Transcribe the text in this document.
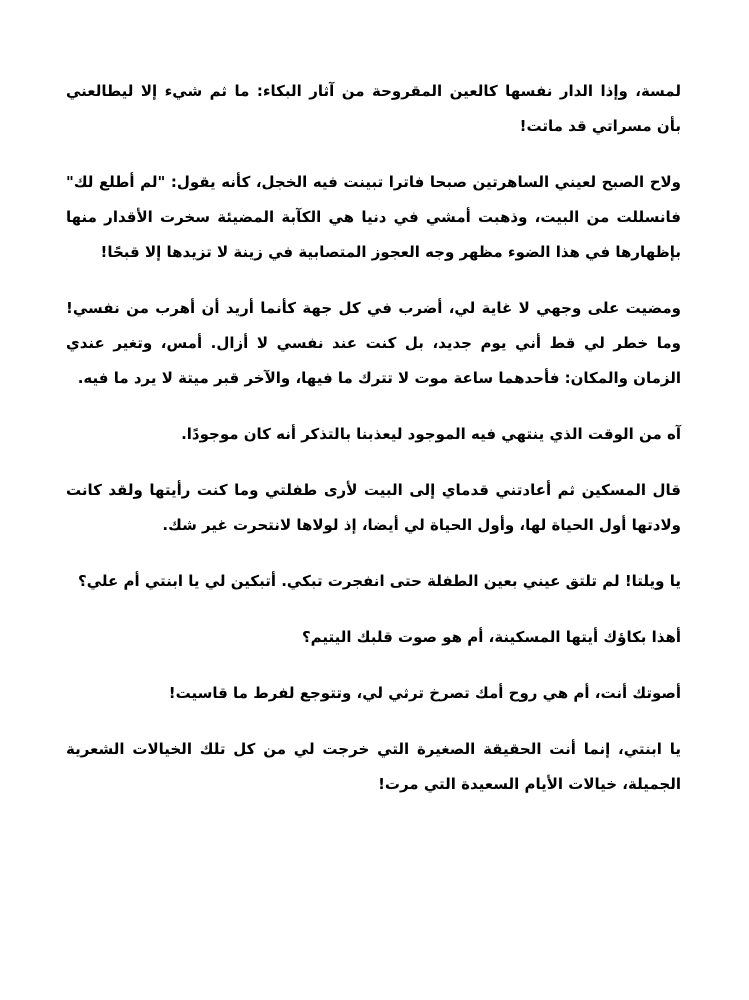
لمسة، وإذا الدار نفسها كالعين المقروحة من آثار البكاء: ما ثم شيء إلا ليطالعني بأن مسراتي قد ماتت!

ولاح الصبح لعيني الساهرتين صبحا فاترا تبينت فيه الخجل، كأنه يقول: "لم أطلع لك" فانسللت من البيت، وذهبت أمشي في دنيا هي الكآبة المضيئة سخرت الأقدار منها بإظهارها في هذا الضوء مظهر وجه العجوز المتصابية في زينة لا تزيدها إلا قبحًا!

ومضيت على وجهي لا غاية لي، أضرب في كل جهة كأنما أريد أن أهرب من نفسي! وما خطر لي قط أني يوم جديد، بل كنت عند نفسي لا أزال. أمس، وتغير عندي الزمان والمكان: فأحدهما ساعة موت لا تترك ما فيها، والآخر قبر ميتة لا يرد ما فيه.

آه من الوقت الذي ينتهي فيه الموجود ليعذبنا بالتذكر أنه كان موجودًا.

قال المسكين ثم أعادتني قدماي إلى البيت لأرى طفلتي وما كنت رأيتها ولقد كانت ولادتها أول الحياة لها، وأول الحياة لي أيضا، إذ لولاها لانتحرت غير شك.

يا ويلتا! لم تلتق عيني بعين الطفلة حتى انفجرت تبكي. أتبكين لي يا ابنتي أم علي؟

أهذا بكاؤك أيتها المسكينة، أم هو صوت قلبك اليتيم؟

أصوتك أنت، أم هي روح أمك تصرخ ترثي لي، وتتوجع لفرط ما قاسيت!

يا ابنتي، إنما أنت الحقيقة الصغيرة التي خرجت لي من كل تلك الخيالات الشعرية الجميلة، خيالات الأيام السعيدة التي مرت!
